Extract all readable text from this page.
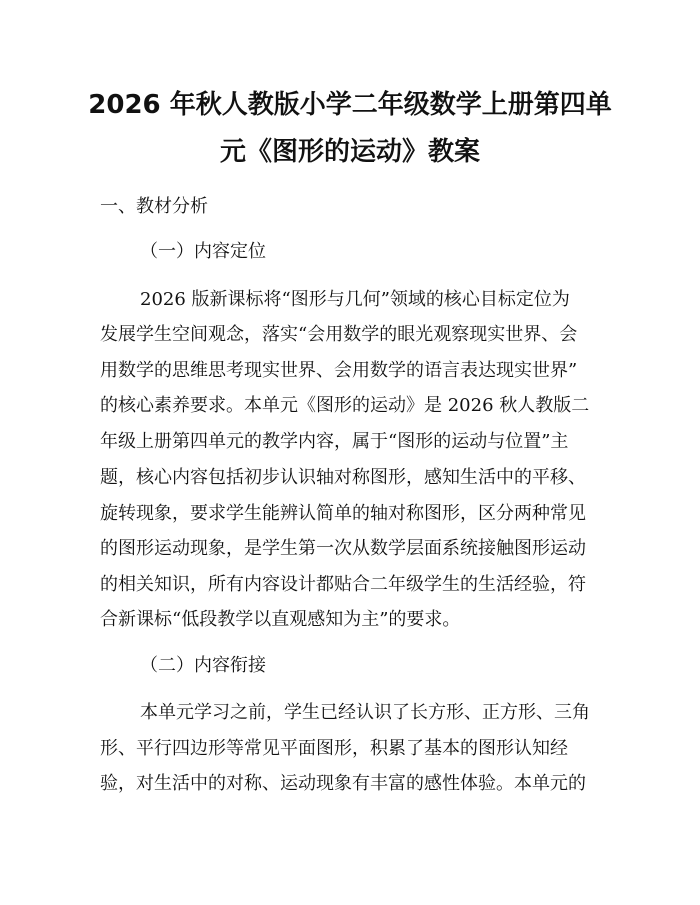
2026 年秋人教版小学二年级数学上册第四单
元《图形的运动》教案

一、教材分析

（一）内容定位

2026 版新课标将“图形与几何”领域的核心目标定位为

发展学生空间观念，落实“会用数学的眼光观察现实世界、会

用数学的思维思考现实世界、会用数学的语言表达现实世界”

的核心素养要求。本单元《图形的运动》是 2026 秋人教版二

年级上册第四单元的教学内容，属于“图形的运动与位置”主

题，核心内容包括初步认识轴对称图形，感知生活中的平移、

旋转现象，要求学生能辨认简单的轴对称图形，区分两种常见

的图形运动现象，是学生第一次从数学层面系统接触图形运动

的相关知识，所有内容设计都贴合二年级学生的生活经验，符

合新课标“低段教学以直观感知为主”的要求。

（二）内容衔接

本单元学习之前，学生已经认识了长方形、正方形、三角

形、平行四边形等常见平面图形，积累了基本的图形认知经

验，对生活中的对称、运动现象有丰富的感性体验。本单元的
